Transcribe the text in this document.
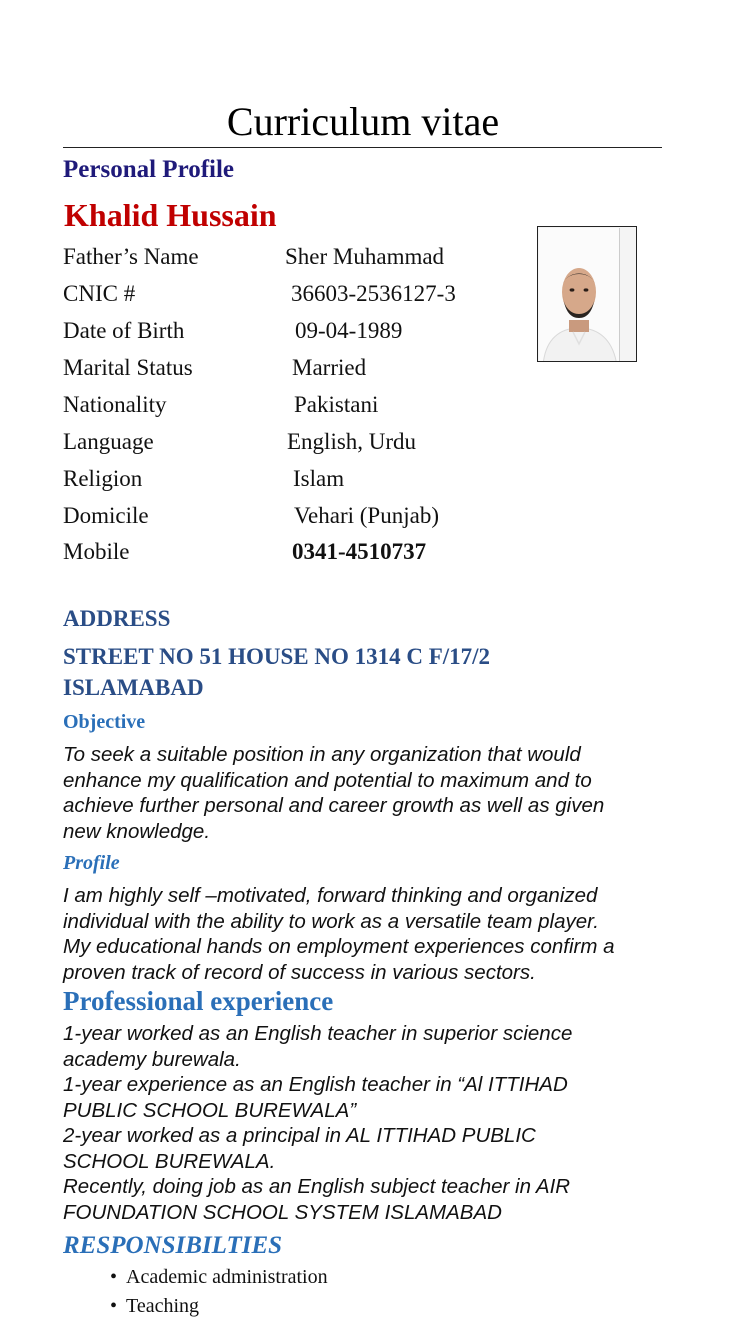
Curriculum vitae
Personal Profile
Khalid Hussain
Father’s Name	Sher Muhammad
CNIC #	36603-2536127-3
Date of Birth	09-04-1989
Marital Status	Married
Nationality	Pakistani
Language	English, Urdu
Religion	Islam
Domicile	Vehari (Punjab)
Mobile	0341-4510737
ADDRESS
STREET NO 51 HOUSE NO 1314 C F/17/2
ISLAMABAD
Objective
To seek a suitable position in any organization that would
enhance my qualification and potential to maximum and to
achieve further personal and career growth as well as given
new knowledge.
Profile
I am highly self –motivated, forward thinking and organized
individual with the ability to work as a versatile team player.
My educational hands on employment experiences confirm a
proven track of record of success in various sectors.
Professional experience
1-year worked as an English teacher in superior science
academy burewala.
1-year experience as an English teacher in “Al ITTIHAD
PUBLIC SCHOOL BUREWALA”
2-year worked as a principal in AL ITTIHAD PUBLIC
SCHOOL BUREWALA.
Recently, doing job as an English subject teacher in AIR
FOUNDATION SCHOOL SYSTEM ISLAMABAD
RESPONSIBILTIES
• Academic administration
• Teaching
